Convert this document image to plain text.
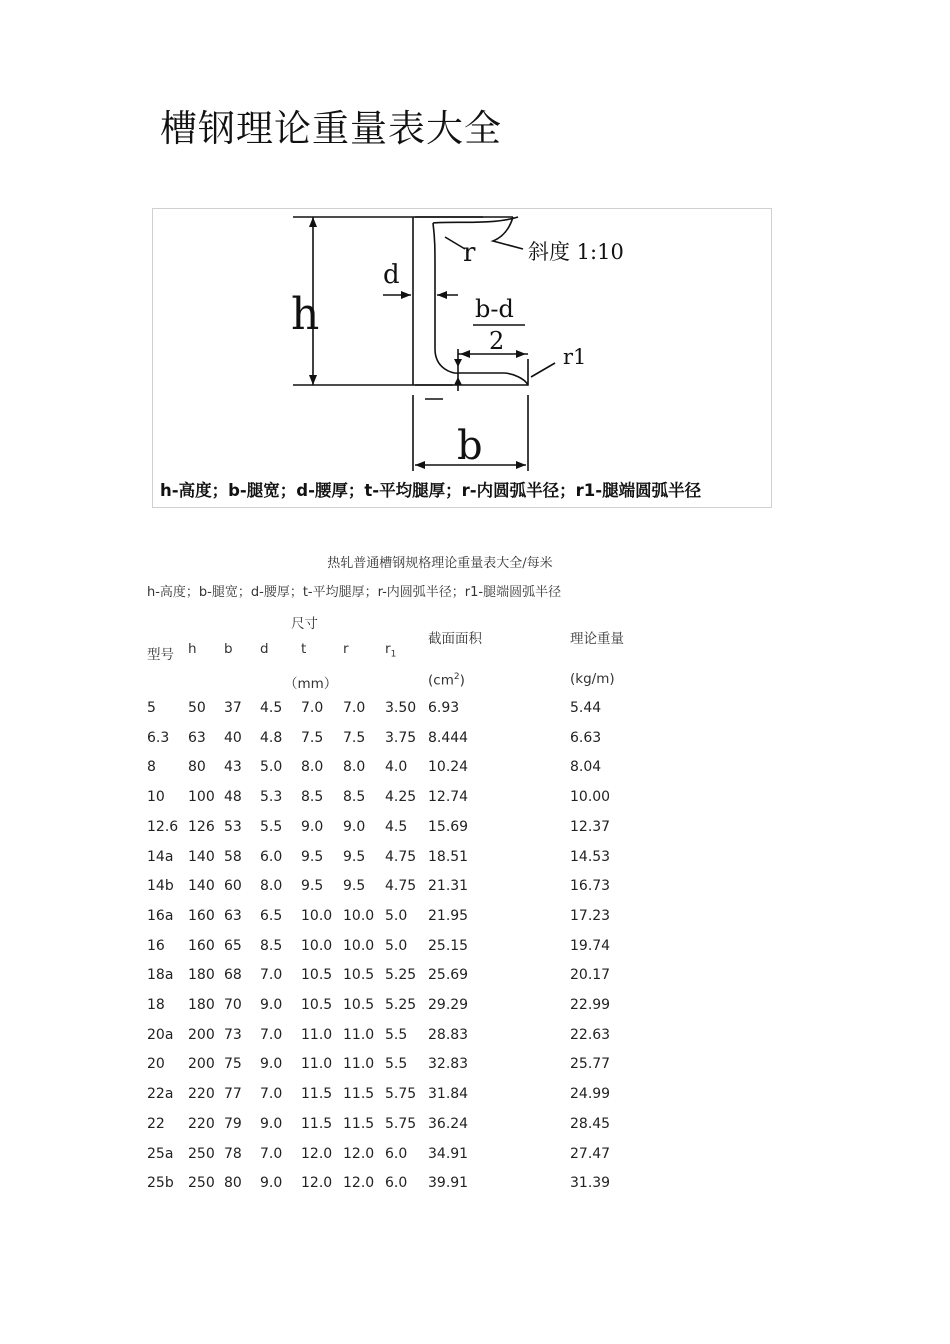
槽钢理论重量表大全
h
d
r	斜度 1:10
b-d
2
r1
b
h-高度；b-腿宽；d-腰厚；t-平均腿厚；r-内圆弧半径；r1-腿端圆弧半径
热轧普通槽钢规格理论重量表大全/每米
h-高度；b-腿宽；d-腰厚；t-平均腿厚；r-内圆弧半径；r1-腿端圆弧半径
尺寸
型号 h b d t	r	$r_1$
截面面积	理论重量
（mm）	$(cm^2)$	(kg/m)
5 50 37 4.5 7.0 7.0 3.50 6.93	5.44
6.3 63 40 4.8 7.5 7.5 3.75 8.444	6.63
8 80 43 5.0 8.0 8.0 4.0 10.24	8.04
10 100 48 5.3 8.5 8.5 4.25 12.74	10.00
12.6 126 53 5.5 9.0 9.0 4.5 15.69	12.37
14a 140 58 6.0 9.5 9.5 4.75 18.51	14.53
14b 140 60 8.0 9.5 9.5 4.75 21.31	16.73
16a 160 63 6.5 10.0 10.0 5.0 21.95	17.23
16 160 65 8.5 10.0 10.0 5.0 25.15	19.74
18a 180 68 7.0 10.5 10.5 5.25 25.69	20.17
18 180 70 9.0 10.5 10.5 5.25 29.29	22.99
20a 200 73 7.0 11.0 11.0 5.5 28.83	22.63
20 200 75 9.0 11.0 11.0 5.5 32.83	25.77
22a 220 77 7.0 11.5 11.5 5.75 31.84	24.99
22 220 79 9.0 11.5 11.5 5.75 36.24	28.45
25a 250 78 7.0 12.0 12.0 6.0 34.91	27.47
25b 250 80 9.0 12.0 12.0 6.0 39.91	31.39
